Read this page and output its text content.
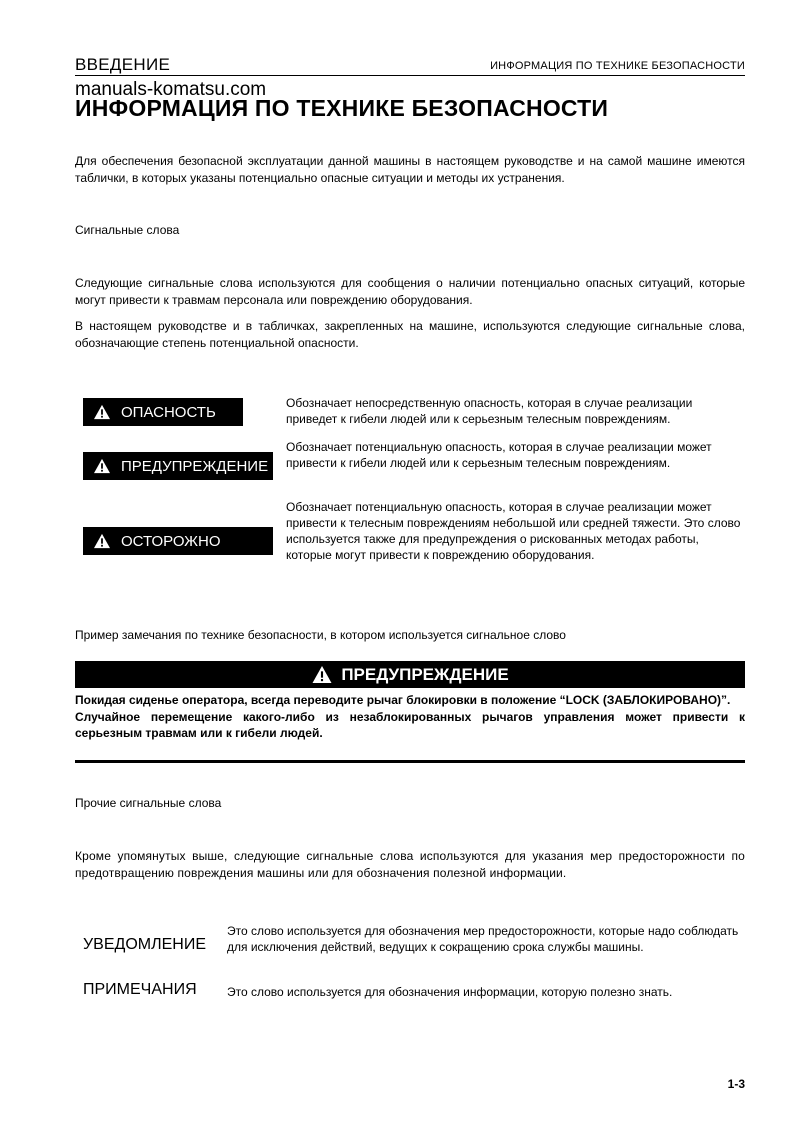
ВВЕДЕНИЕ	ИНФОРМАЦИЯ ПО ТЕХНИКЕ БЕЗОПАСНОСТИ
manuals-komatsu.com
ИНФОРМАЦИЯ ПО ТЕХНИКЕ БЕЗОПАСНОСТИ
Для обеспечения безопасной эксплуатации данной машины в настоящем руководстве и на самой машине имеются таблички, в которых указаны потенциально опасные ситуации и методы их устранения.
Сигнальные слова
Следующие сигнальные слова используются для сообщения о наличии потенциально опасных ситуаций, которые могут привести к травмам персонала или повреждению оборудования.
В настоящем руководстве и в табличках, закрепленных на машине, используются следующие сигнальные слова, обозначающие степень потенциальной опасности.
ОПАСНОСТЬ
Обозначает непосредственную опасность, которая в случае реализации приведет к гибели людей или к серьезным телесным повреждениям.
ПРЕДУПРЕЖДЕНИЕ
Обозначает потенциальную опасность, которая в случае реализации может привести к гибели людей или к серьезным телесным повреждениям.
ОСТОРОЖНО
Обозначает потенциальную опасность, которая в случае реализации может привести к телесным повреждениям небольшой или средней тяжести. Это слово используется также для предупреждения о рискованных методах работы, которые могут привести к повреждению оборудования.
Пример замечания по технике безопасности, в котором используется сигнальное слово
ПРЕДУПРЕЖДЕНИЕ
Покидая сиденье оператора, всегда переводите рычаг блокировки в положение “LOCK (ЗАБЛОКИРОВАНО)”.
Случайное перемещение какого-либо из незаблокированных рычагов управления может привести к серьезным травмам или к гибели людей.
Прочие сигнальные слова
Кроме упомянутых выше, следующие сигнальные слова используются для указания мер предосторожности по предотвращению повреждения машины или для обозначения полезной информации.
УВЕДОМЛЕНИЕ
Это слово используется для обозначения мер предосторожности, которые надо соблюдать для исключения действий, ведущих к сокращению срока службы машины.
ПРИМЕЧАНИЯ	Это слово используется для обозначения информации, которую полезно знать.
1-3
